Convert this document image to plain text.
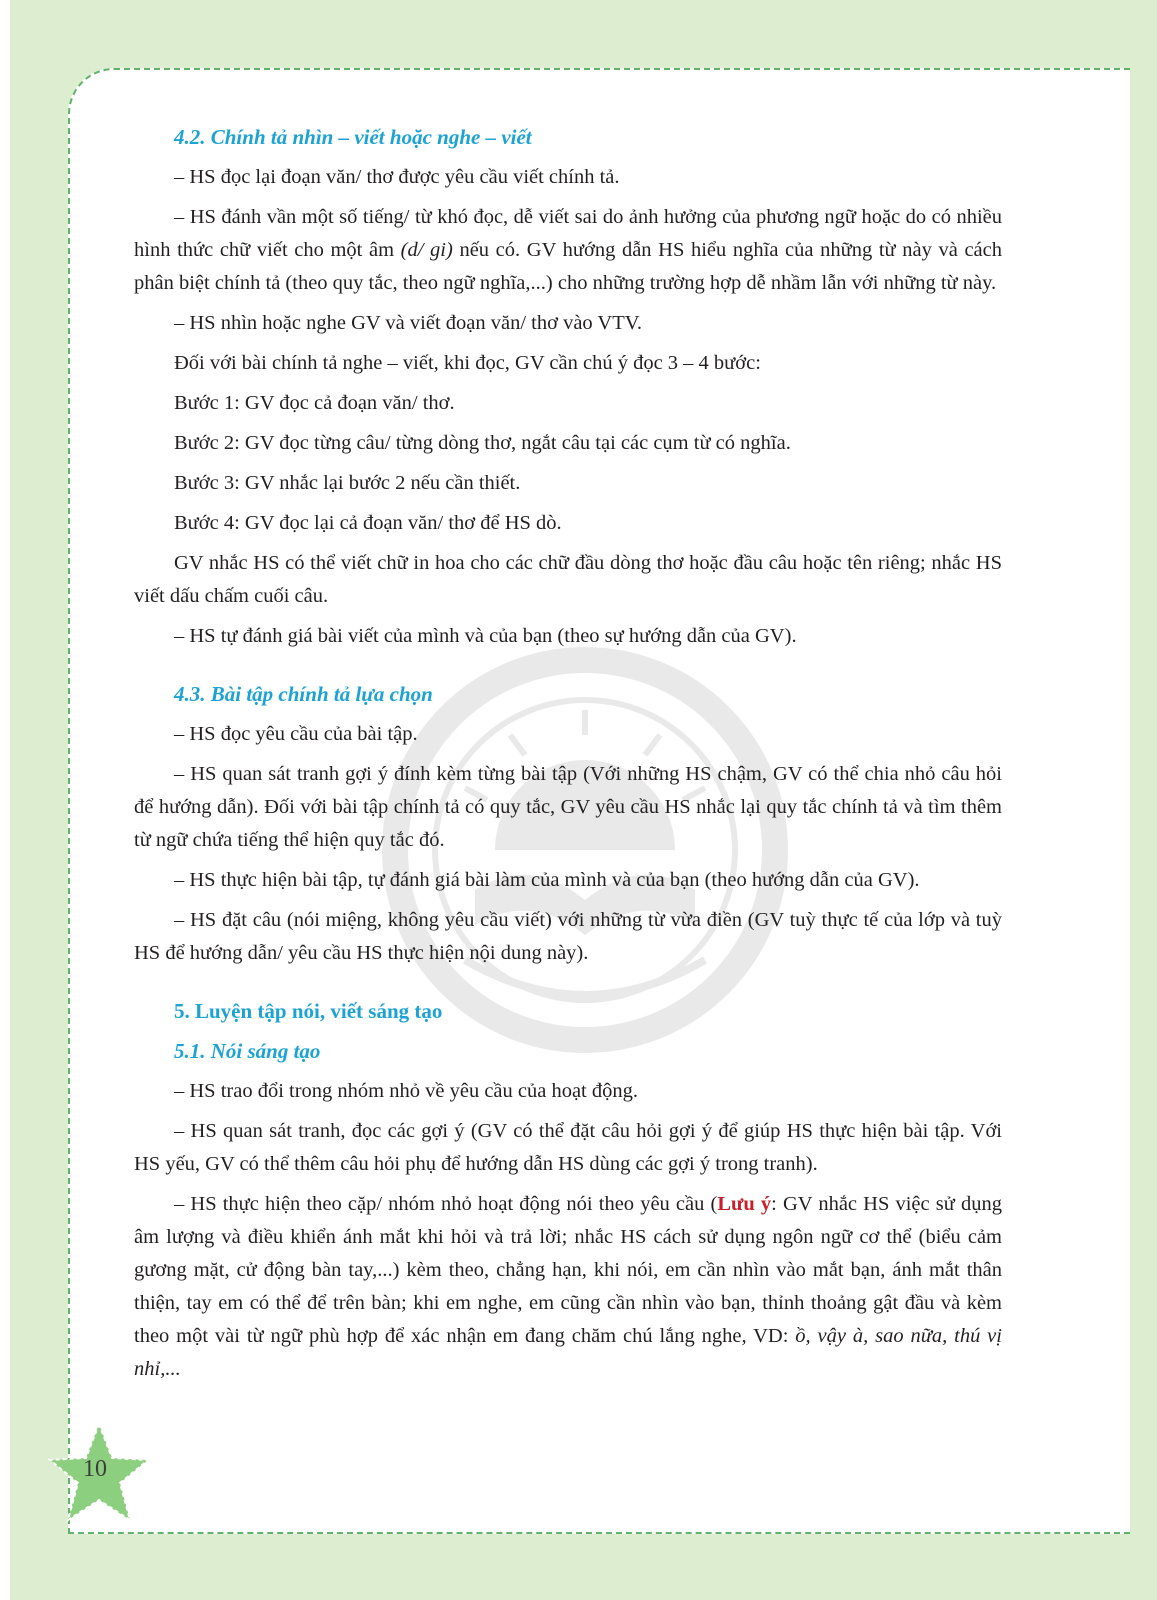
4.2. Chính tả nhìn – viết hoặc nghe – viết

– HS đọc lại đoạn văn/ thơ được yêu cầu viết chính tả.

– HS đánh vần một số tiếng/ từ khó đọc, dễ viết sai do ảnh hưởng của phương ngữ hoặc do có nhiều hình thức chữ viết cho một âm (d/ gi) nếu có. GV hướng dẫn HS hiểu nghĩa của những từ này và cách phân biệt chính tả (theo quy tắc, theo ngữ nghĩa,...) cho những trường hợp dễ nhầm lẫn với những từ này.

– HS nhìn hoặc nghe GV và viết đoạn văn/ thơ vào VTV.

Đối với bài chính tả nghe – viết, khi đọc, GV cần chú ý đọc 3 – 4 bước:

Bước 1: GV đọc cả đoạn văn/ thơ.

Bước 2: GV đọc từng câu/ từng dòng thơ, ngắt câu tại các cụm từ có nghĩa.

Bước 3: GV nhắc lại bước 2 nếu cần thiết.

Bước 4: GV đọc lại cả đoạn văn/ thơ để HS dò.

GV nhắc HS có thể viết chữ in hoa cho các chữ đầu dòng thơ hoặc đầu câu hoặc tên riêng; nhắc HS viết dấu chấm cuối câu.

– HS tự đánh giá bài viết của mình và của bạn (theo sự hướng dẫn của GV).

4.3. Bài tập chính tả lựa chọn

– HS đọc yêu cầu của bài tập.

– HS quan sát tranh gợi ý đính kèm từng bài tập (Với những HS chậm, GV có thể chia nhỏ câu hỏi để hướng dẫn). Đối với bài tập chính tả có quy tắc, GV yêu cầu HS nhắc lại quy tắc chính tả và tìm thêm từ ngữ chứa tiếng thể hiện quy tắc đó.

– HS thực hiện bài tập, tự đánh giá bài làm của mình và của bạn (theo hướng dẫn của GV).

– HS đặt câu (nói miệng, không yêu cầu viết) với những từ vừa điền (GV tuỳ thực tế của lớp và tuỳ HS để hướng dẫn/ yêu cầu HS thực hiện nội dung này).

5. Luyện tập nói, viết sáng tạo
5.1. Nói sáng tạo

– HS trao đổi trong nhóm nhỏ về yêu cầu của hoạt động.

– HS quan sát tranh, đọc các gợi ý (GV có thể đặt câu hỏi gợi ý để giúp HS thực hiện bài tập. Với HS yếu, GV có thể thêm câu hỏi phụ để hướng dẫn HS dùng các gợi ý trong tranh).

– HS thực hiện theo cặp/ nhóm nhỏ hoạt động nói theo yêu cầu (Lưu ý: GV nhắc HS việc sử dụng âm lượng và điều khiển ánh mắt khi hỏi và trả lời; nhắc HS cách sử dụng ngôn ngữ cơ thể (biểu cảm gương mặt, cử động bàn tay,...) kèm theo, chẳng hạn, khi nói, em cần nhìn vào mắt bạn, ánh mắt thân thiện, tay em có thể để trên bàn; khi em nghe, em cũng cần nhìn vào bạn, thỉnh thoảng gật đầu và kèm theo một vài từ ngữ phù hợp để xác nhận em đang chăm chú lắng nghe, VD: ồ, vậy à, sao nữa, thú vị nhỉ,...

10
